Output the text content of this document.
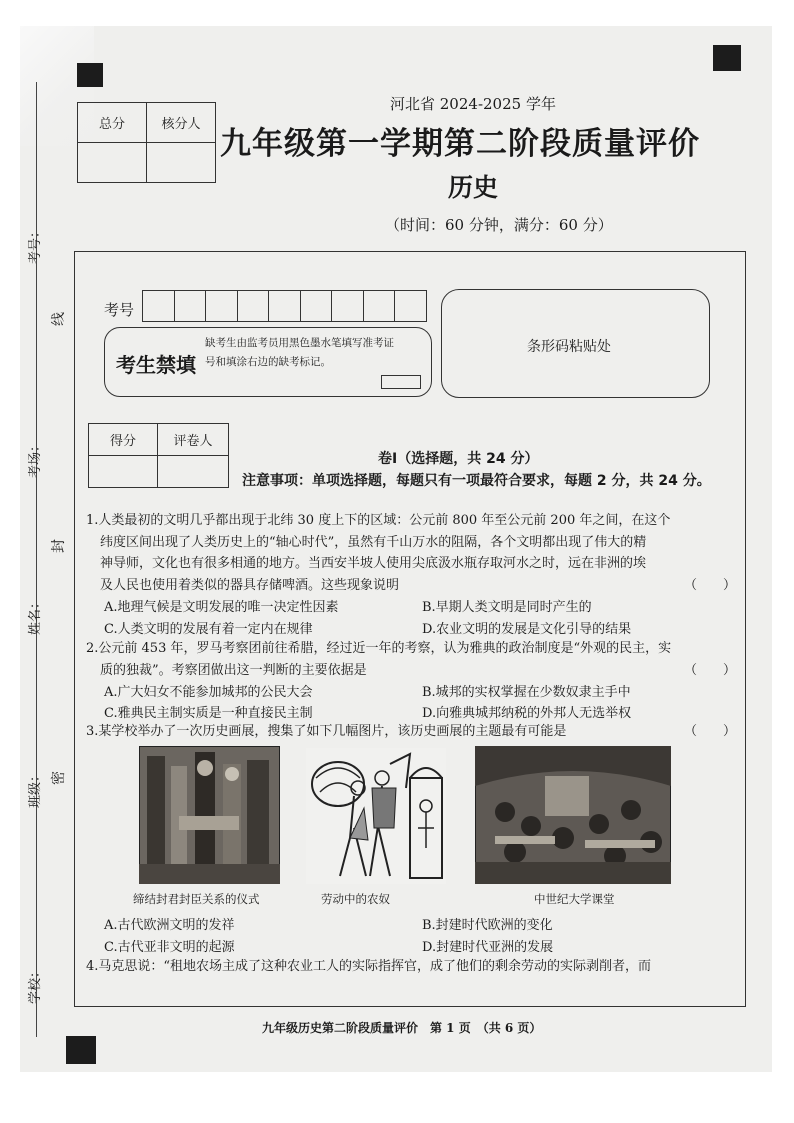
考号：
考场：
姓名：
班级：
学校：
线
封
密
总分	核分人

河北省 2024-2025 学年
九年级第一学期第二阶段质量评价
历史
（时间：60 分钟，满分：60 分）
考号
考生禁填
缺考生由监考员用黑色墨水笔填写准考证号和填涂右边的缺考标记。
条形码粘贴处
得分	评卷人

卷Ⅰ（选择题，共 24 分）
注意事项：单项选择题，每题只有一项最符合要求，每题 2 分，共 24 分。
1.人类最初的文明几乎都出现于北纬 30 度上下的区域：公元前 800 年至公元前 200 年之间，在这个
纬度区间出现了人类历史上的“轴心时代”，虽然有千山万水的阻隔，各个文明都出现了伟大的精
神导师，文化也有很多相通的地方。当西安半坡人使用尖底汲水瓶存取河水之时，远在非洲的埃
及人民也使用着类似的器具存储啤酒。这些现象说明	（　　）
A.地理气候是文明发展的唯一决定性因素	B.早期人类文明是同时产生的
C.人类文明的发展有着一定内在规律	D.农业文明的发展是文化引导的结果
2.公元前 453 年，罗马考察团前往希腊，经过近一年的考察，认为雅典的政治制度是“外观的民主，实
质的独裁”。考察团做出这一判断的主要依据是	（　　）
A.广大妇女不能参加城邦的公民大会	B.城邦的实权掌握在少数奴隶主手中
C.雅典民主制实质是一种直接民主制	D.向雅典城邦纳税的外邦人无选举权
3.某学校举办了一次历史画展，搜集了如下几幅图片，该历史画展的主题最有可能是	（　　）
缔结封君封臣关系的仪式	劳动中的农奴	中世纪大学课堂
A.古代欧洲文明的发祥	B.封建时代欧洲的变化
C.古代亚非文明的起源	D.封建时代亚洲的发展
4.马克思说：“租地农场主成了这种农业工人的实际指挥官，成了他们的剩余劳动的实际剥削者，而
九年级历史第二阶段质量评价　第 1 页　（共 6 页）
